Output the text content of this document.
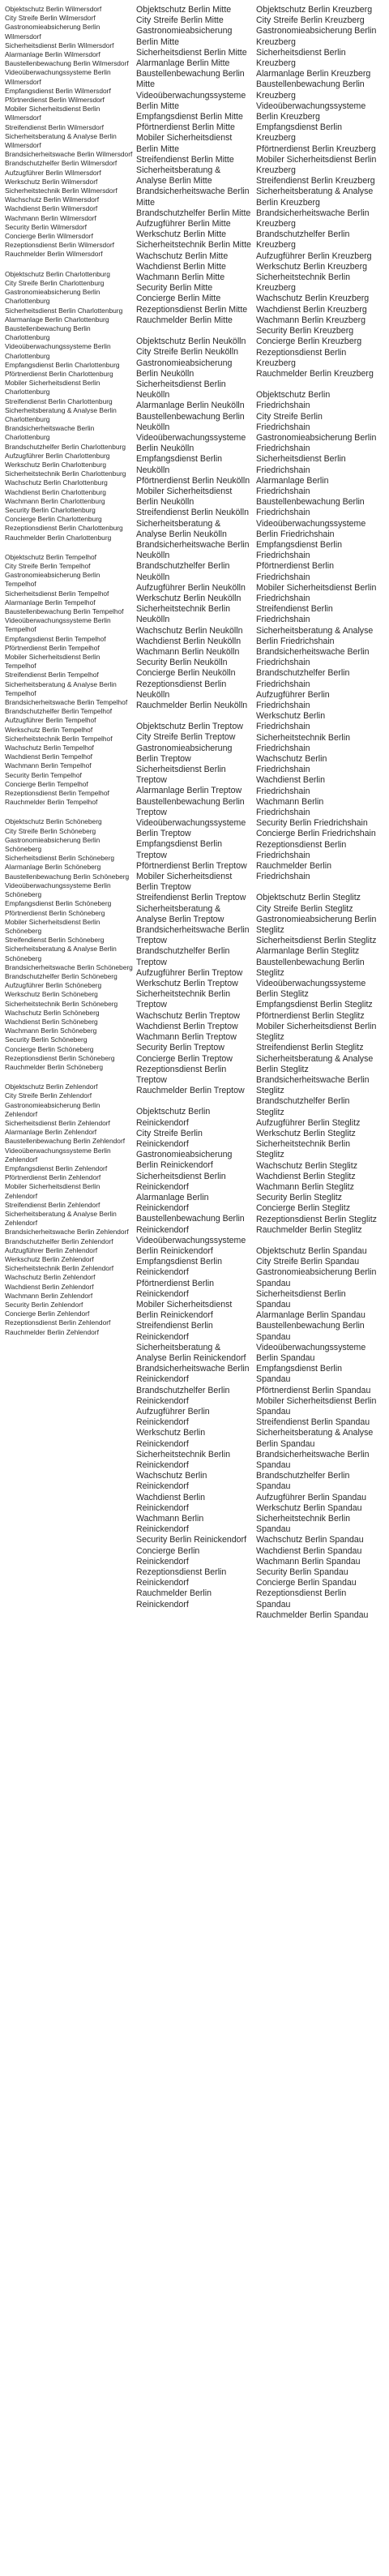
Objektschutz Berlin Wilmersdorf
City Streife Berlin Wilmersdorf
Gastronomieabsicherung Berlin Wilmersdorf
Sicherheitsdienst Berlin Wilmersdorf
Alarmanlage Berlin Wilmersdorf
Baustellenbewachung Berlin Wilmersdorf
Videoüberwachungssysteme Berlin Wilmersdorf
Empfangsdienst Berlin Wilmersdorf
Pförtnerdienst Berlin Wilmersdorf
Mobiler Sicherheitsdienst Berlin Wilmersdorf
Streifendienst Berlin Wilmersdorf
Sicherheitsberatung & Analyse Berlin Wilmersdorf
Brandsicherheitswache Berlin Wilmersdorf
Brandschutzhelfer Berlin Wilmersdorf
Aufzugführer Berlin Wilmersdorf
Werkschutz Berlin Wilmersdorf
Sicherheitstechnik Berlin Wilmersdorf
Wachschutz Berlin Wilmersdorf
Wachdienst Berlin Wilmersdorf
Wachmann Berlin Wilmersdorf
Security Berlin Wilmersdorf
Concierge Berlin Wilmersdorf
Rezeptionsdienst Berlin Wilmersdorf
Rauchmelder Berlin Wilmersdorf
Objektschutz Berlin Charlottenburg
City Streife Berlin Charlottenburg
Gastronomieabsicherung Berlin Charlottenburg
Sicherheitsdienst Berlin Charlottenburg
Alarmanlage Berlin Charlottenburg
Baustellenbewachung Berlin Charlottenburg
Videoüberwachungssysteme Berlin Charlottenburg
Empfangsdienst Berlin Charlottenburg
Pförtnerdienst Berlin Charlottenburg
Mobiler Sicherheitsdienst Berlin Charlottenburg
Streifendienst Berlin Charlottenburg
Sicherheitsberatung & Analyse Berlin Charlottenburg
Brandsicherheitswache Berlin Charlottenburg
Brandschutzhelfer Berlin Charlottenburg
Aufzugführer Berlin Charlottenburg
Werkschutz Berlin Charlottenburg
Sicherheitstechnik Berlin Charlottenburg
Wachschutz Berlin Charlottenburg
Wachdienst Berlin Charlottenburg
Wachmann Berlin Charlottenburg
Security Berlin Charlottenburg
Concierge Berlin Charlottenburg
Rezeptionsdienst Berlin Charlottenburg
Rauchmelder Berlin Charlottenburg
Objektschutz Berlin Tempelhof
City Streife Berlin Tempelhof
Gastronomieabsicherung Berlin Tempelhof
Sicherheitsdienst Berlin Tempelhof
Alarmanlage Berlin Tempelhof
Baustellenbewachung Berlin Tempelhof
Videoüberwachungssysteme Berlin Tempelhof
Empfangsdienst Berlin Tempelhof
Pförtnerdienst Berlin Tempelhof
Mobiler Sicherheitsdienst Berlin Tempelhof
Streifendienst Berlin Tempelhof
Sicherheitsberatung & Analyse Berlin Tempelhof
Brandsicherheitswache Berlin Tempelhof
Brandschutzhelfer Berlin Tempelhof
Aufzugführer Berlin Tempelhof
Werkschutz Berlin Tempelhof
Sicherheitstechnik Berlin Tempelhof
Wachschutz Berlin Tempelhof
Wachdienst Berlin Tempelhof
Wachmann Berlin Tempelhof
Security Berlin Tempelhof
Concierge Berlin Tempelhof
Rezeptionsdienst Berlin Tempelhof
Rauchmelder Berlin Tempelhof
Objektschutz Berlin Schöneberg
City Streife Berlin Schöneberg
Gastronomieabsicherung Berlin Schöneberg
Sicherheitsdienst Berlin Schöneberg
Alarmanlage Berlin Schöneberg
Baustellenbewachung Berlin Schöneberg
Videoüberwachungssysteme Berlin Schöneberg
Empfangsdienst Berlin Schöneberg
Pförtnerdienst Berlin Schöneberg
Mobiler Sicherheitsdienst Berlin Schöneberg
Streifendienst Berlin Schöneberg
Sicherheitsberatung & Analyse Berlin Schöneberg
Brandsicherheitswache Berlin Schöneberg
Brandschutzhelfer Berlin Schöneberg
Aufzugführer Berlin Schöneberg
Werkschutz Berlin Schöneberg
Sicherheitstechnik Berlin Schöneberg
Wachschutz Berlin Schöneberg
Wachdienst Berlin Schöneberg
Wachmann Berlin Schöneberg
Security Berlin Schöneberg
Concierge Berlin Schöneberg
Rezeptionsdienst Berlin Schöneberg
Rauchmelder Berlin Schöneberg
Objektschutz Berlin Zehlendorf
City Streife Berlin Zehlendorf
Gastronomieabsicherung Berlin Zehlendorf
Sicherheitsdienst Berlin Zehlendorf
Alarmanlage Berlin Zehlendorf
Baustellenbewachung Berlin Zehlendorf
Videoüberwachungssysteme Berlin Zehlendorf
Empfangsdienst Berlin Zehlendorf
Pförtnerdienst Berlin Zehlendorf
Mobiler Sicherheitsdienst Berlin Zehlendorf
Streifendienst Berlin Zehlendorf
Sicherheitsberatung & Analyse Berlin Zehlendorf
Brandsicherheitswache Berlin Zehlendorf
Brandschutzhelfer Berlin Zehlendorf
Aufzugführer Berlin Zehlendorf
Werkschutz Berlin Zehlendorf
Sicherheitstechnik Berlin Zehlendorf
Wachschutz Berlin Zehlendorf
Wachdienst Berlin Zehlendorf
Wachmann Berlin Zehlendorf
Security Berlin Zehlendorf
Concierge Berlin Zehlendorf
Rezeptionsdienst Berlin Zehlendorf
Rauchmelder Berlin Zehlendorf
Objektschutz Berlin Mitte
City Streife Berlin Mitte
Gastronomieabsicherung Berlin Mitte
Sicherheitsdienst Berlin Mitte
Alarmanlage Berlin Mitte
Baustellenbewachung Berlin Mitte
Videoüberwachungssysteme Berlin Mitte
Empfangsdienst Berlin Mitte
Pförtnerdienst Berlin Mitte
Mobiler Sicherheitsdienst Berlin Mitte
Streifendienst Berlin Mitte
Sicherheitsberatung & Analyse Berlin Mitte
Brandsicherheitswache Berlin Mitte
Brandschutzhelfer Berlin Mitte
Aufzugführer Berlin Mitte
Werkschutz Berlin Mitte
Sicherheitstechnik Berlin Mitte
Wachschutz Berlin Mitte
Wachdienst Berlin Mitte
Wachmann Berlin Mitte
Security Berlin Mitte
Concierge Berlin Mitte
Rezeptionsdienst Berlin Mitte
Rauchmelder Berlin Mitte
Objektschutz Berlin Neukölln
City Streife Berlin Neukölln
Gastronomieabsicherung Berlin Neukölln
Sicherheitsdienst Berlin Neukölln
Alarmanlage Berlin Neukölln
Baustellenbewachung Berlin Neukölln
Videoüberwachungssysteme Berlin Neukölln
Empfangsdienst Berlin Neukölln
Pförtnerdienst Berlin Neukölln
Mobiler Sicherheitsdienst Berlin Neukölln
Streifendienst Berlin Neukölln
Sicherheitsberatung & Analyse Berlin Neukölln
Brandsicherheitswache Berlin Neukölln
Brandschutzhelfer Berlin Neukölln
Aufzugführer Berlin Neukölln
Werkschutz Berlin Neukölln
Sicherheitstechnik Berlin Neukölln
Wachschutz Berlin Neukölln
Wachdienst Berlin Neukölln
Wachmann Berlin Neukölln
Security Berlin Neukölln
Concierge Berlin Neukölln
Rezeptionsdienst Berlin Neukölln
Rauchmelder Berlin Neukölln
Objektschutz Berlin Treptow
City Streife Berlin Treptow
Gastronomieabsicherung Berlin Treptow
Sicherheitsdienst Berlin Treptow
Alarmanlage Berlin Treptow
Baustellenbewachung Berlin Treptow
Videoüberwachungssysteme Berlin Treptow
Empfangsdienst Berlin Treptow
Pförtnerdienst Berlin Treptow
Mobiler Sicherheitsdienst Berlin Treptow
Streifendienst Berlin Treptow
Sicherheitsberatung & Analyse Berlin Treptow
Brandsicherheitswache Berlin Treptow
Brandschutzhelfer Berlin Treptow
Aufzugführer Berlin Treptow
Werkschutz Berlin Treptow
Sicherheitstechnik Berlin Treptow
Wachschutz Berlin Treptow
Wachdienst Berlin Treptow
Wachmann Berlin Treptow
Security Berlin Treptow
Concierge Berlin Treptow
Rezeptionsdienst Berlin Treptow
Rauchmelder Berlin Treptow
Objektschutz Berlin Reinickendorf
City Streife Berlin Reinickendorf
Gastronomieabsicherung Berlin Reinickendorf
Sicherheitsdienst Berlin Reinickendorf
Alarmanlage Berlin Reinickendorf
Baustellenbewachung Berlin Reinickendorf
Videoüberwachungssysteme Berlin Reinickendorf
Empfangsdienst Berlin Reinickendorf
Pförtnerdienst Berlin Reinickendorf
Mobiler Sicherheitsdienst Berlin Reinickendorf
Streifendienst Berlin Reinickendorf
Sicherheitsberatung & Analyse Berlin Reinickendorf
Brandsicherheitswache Berlin Reinickendorf
Brandschutzhelfer Berlin Reinickendorf
Aufzugführer Berlin Reinickendorf
Werkschutz Berlin Reinickendorf
Sicherheitstechnik Berlin Reinickendorf
Wachschutz Berlin Reinickendorf
Wachdienst Berlin Reinickendorf
Wachmann Berlin Reinickendorf
Security Berlin Reinickendorf
Concierge Berlin Reinickendorf
Rezeptionsdienst Berlin Reinickendorf
Rauchmelder Berlin Reinickendorf
Objektschutz Berlin Kreuzberg
City Streife Berlin Kreuzberg
Gastronomieabsicherung Berlin Kreuzberg
Sicherheitsdienst Berlin Kreuzberg
Alarmanlage Berlin Kreuzberg
Baustellenbewachung Berlin Kreuzberg
Videoüberwachungssysteme Berlin Kreuzberg
Empfangsdienst Berlin Kreuzberg
Pförtnerdienst Berlin Kreuzberg
Mobiler Sicherheitsdienst Berlin Kreuzberg
Streifendienst Berlin Kreuzberg
Sicherheitsberatung & Analyse Berlin Kreuzberg
Brandsicherheitswache Berlin Kreuzberg
Brandschutzhelfer Berlin Kreuzberg
Aufzugführer Berlin Kreuzberg
Werkschutz Berlin Kreuzberg
Sicherheitstechnik Berlin Kreuzberg
Wachschutz Berlin Kreuzberg
Wachdienst Berlin Kreuzberg
Wachmann Berlin Kreuzberg
Security Berlin Kreuzberg
Concierge Berlin Kreuzberg
Rezeptionsdienst Berlin Kreuzberg
Rauchmelder Berlin Kreuzberg
Objektschutz Berlin Friedrichshain
City Streife Berlin Friedrichshain
Gastronomieabsicherung Berlin Friedrichshain
Sicherheitsdienst Berlin Friedrichshain
Alarmanlage Berlin Friedrichshain
Baustellenbewachung Berlin Friedrichshain
Videoüberwachungssysteme Berlin Friedrichshain
Empfangsdienst Berlin Friedrichshain
Pförtnerdienst Berlin Friedrichshain
Mobiler Sicherheitsdienst Berlin Friedrichshain
Streifendienst Berlin Friedrichshain
Sicherheitsberatung & Analyse Berlin Friedrichshain
Brandsicherheitswache Berlin Friedrichshain
Brandschutzhelfer Berlin Friedrichshain
Aufzugführer Berlin Friedrichshain
Werkschutz Berlin Friedrichshain
Sicherheitstechnik Berlin Friedrichshain
Wachschutz Berlin Friedrichshain
Wachdienst Berlin Friedrichshain
Wachmann Berlin Friedrichshain
Security Berlin Friedrichshain
Concierge Berlin Friedrichshain
Rezeptionsdienst Berlin Friedrichshain
Rauchmelder Berlin Friedrichshain
Objektschutz Berlin Steglitz
City Streife Berlin Steglitz
Gastronomieabsicherung Berlin Steglitz
Sicherheitsdienst Berlin Steglitz
Alarmanlage Berlin Steglitz
Baustellenbewachung Berlin Steglitz
Videoüberwachungssysteme Berlin Steglitz
Empfangsdienst Berlin Steglitz
Pförtnerdienst Berlin Steglitz
Mobiler Sicherheitsdienst Berlin Steglitz
Streifendienst Berlin Steglitz
Sicherheitsberatung & Analyse Berlin Steglitz
Brandsicherheitswache Berlin Steglitz
Brandschutzhelfer Berlin Steglitz
Aufzugführer Berlin Steglitz
Werkschutz Berlin Steglitz
Sicherheitstechnik Berlin Steglitz
Wachschutz Berlin Steglitz
Wachdienst Berlin Steglitz
Wachmann Berlin Steglitz
Security Berlin Steglitz
Concierge Berlin Steglitz
Rezeptionsdienst Berlin Steglitz
Rauchmelder Berlin Steglitz
Objektschutz Berlin Spandau
City Streife Berlin Spandau
Gastronomieabsicherung Berlin Spandau
Sicherheitsdienst Berlin Spandau
Alarmanlage Berlin Spandau
Baustellenbewachung Berlin Spandau
Videoüberwachungssysteme Berlin Spandau
Empfangsdienst Berlin Spandau
Pförtnerdienst Berlin Spandau
Mobiler Sicherheitsdienst Berlin Spandau
Streifendienst Berlin Spandau
Sicherheitsberatung & Analyse Berlin Spandau
Brandsicherheitswache Berlin Spandau
Brandschutzhelfer Berlin Spandau
Aufzugführer Berlin Spandau
Werkschutz Berlin Spandau
Sicherheitstechnik Berlin Spandau
Wachschutz Berlin Spandau
Wachdienst Berlin Spandau
Wachmann Berlin Spandau
Security Berlin Spandau
Concierge Berlin Spandau
Rezeptionsdienst Berlin Spandau
Rauchmelder Berlin Spandau
